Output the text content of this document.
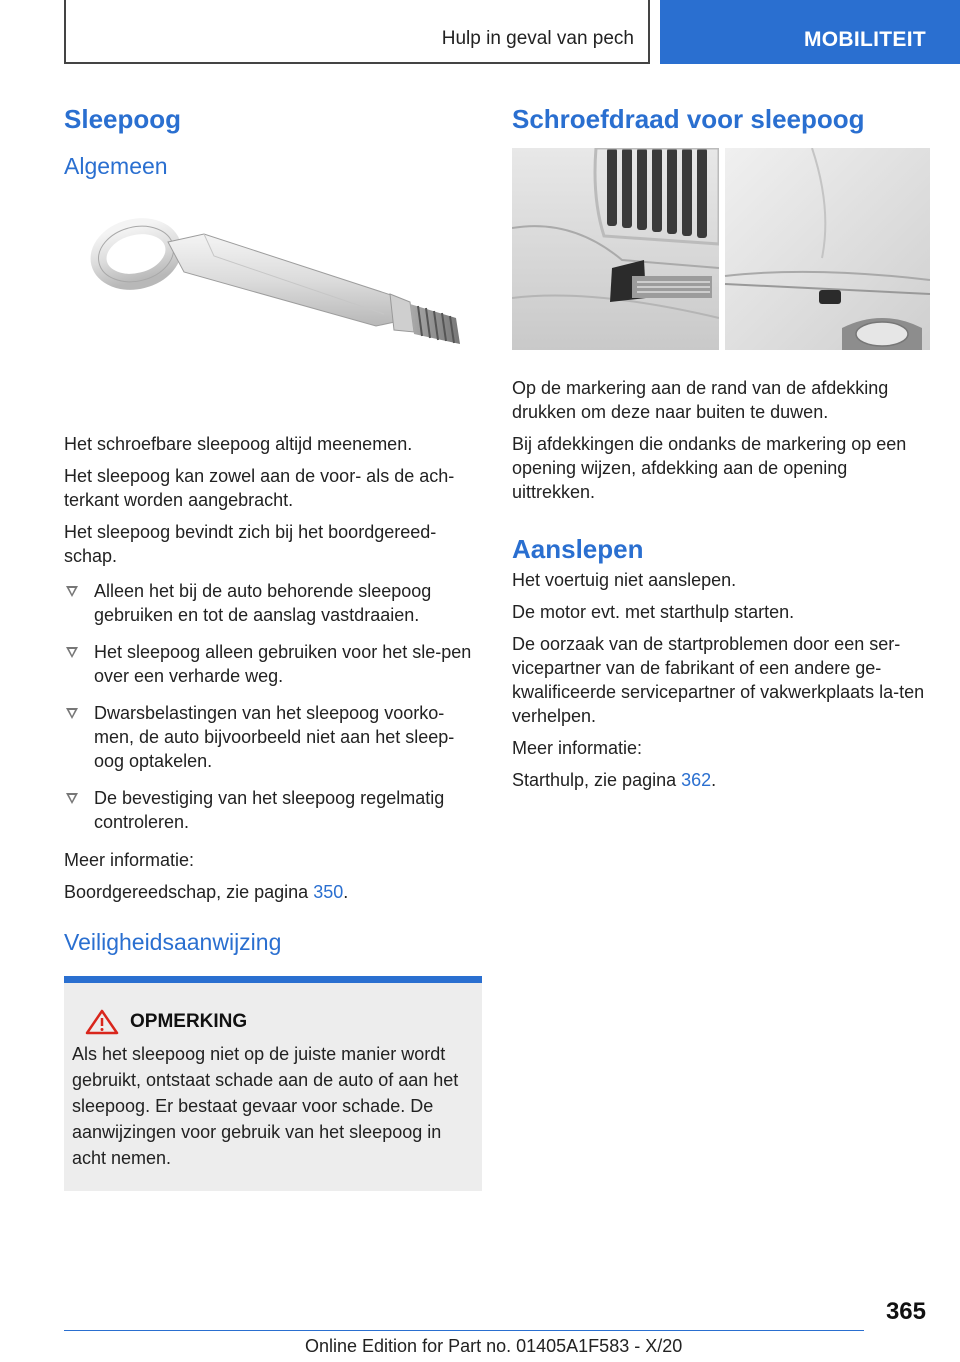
Hulp in geval van pech	MOBILITEIT
Sleepoog
Algemeen

Het schroefbare sleepoog altijd meenemen.

Het sleepoog kan zowel aan de voor- als de ach-terkant worden aangebracht.

Het sleepoog bevindt zich bij het boordgereed-schap.

Alleen het bij de auto behorende sleepoog gebruiken en tot de aanslag vastdraaien.
Het sleepoog alleen gebruiken voor het sle-pen over een verharde weg.
Dwarsbelastingen van het sleepoog voorko-men, de auto bijvoorbeeld niet aan het sleep-oog optakelen.
De bevestiging van het sleepoog regelmatig controleren.

Meer informatie:

Boordgereedschap, zie pagina 350.

Veiligheidsaanwijzing
OPMERKING

Als het sleepoog niet op de juiste manier wordt gebruikt, ontstaat schade aan de auto of aan het sleepoog. Er bestaat gevaar voor schade. De aanwijzingen voor gebruik van het sleepoog in acht nemen.

Schroefdraad voor sleepoog

Op de markering aan de rand van de afdekking drukken om deze naar buiten te duwen.

Bij afdekkingen die ondanks de markering op een opening wijzen, afdekking aan de opening uittrekken.

Aanslepen

Het voertuig niet aanslepen.

De motor evt. met starthulp starten.

De oorzaak van de startproblemen door een ser-vicepartner van de fabrikant of een andere ge-kwalificeerde servicepartner of vakwerkplaats la-ten verhelpen.

Meer informatie:

Starthulp, zie pagina 362.

365
Online Edition for Part no. 01405A1F583 - X/20
